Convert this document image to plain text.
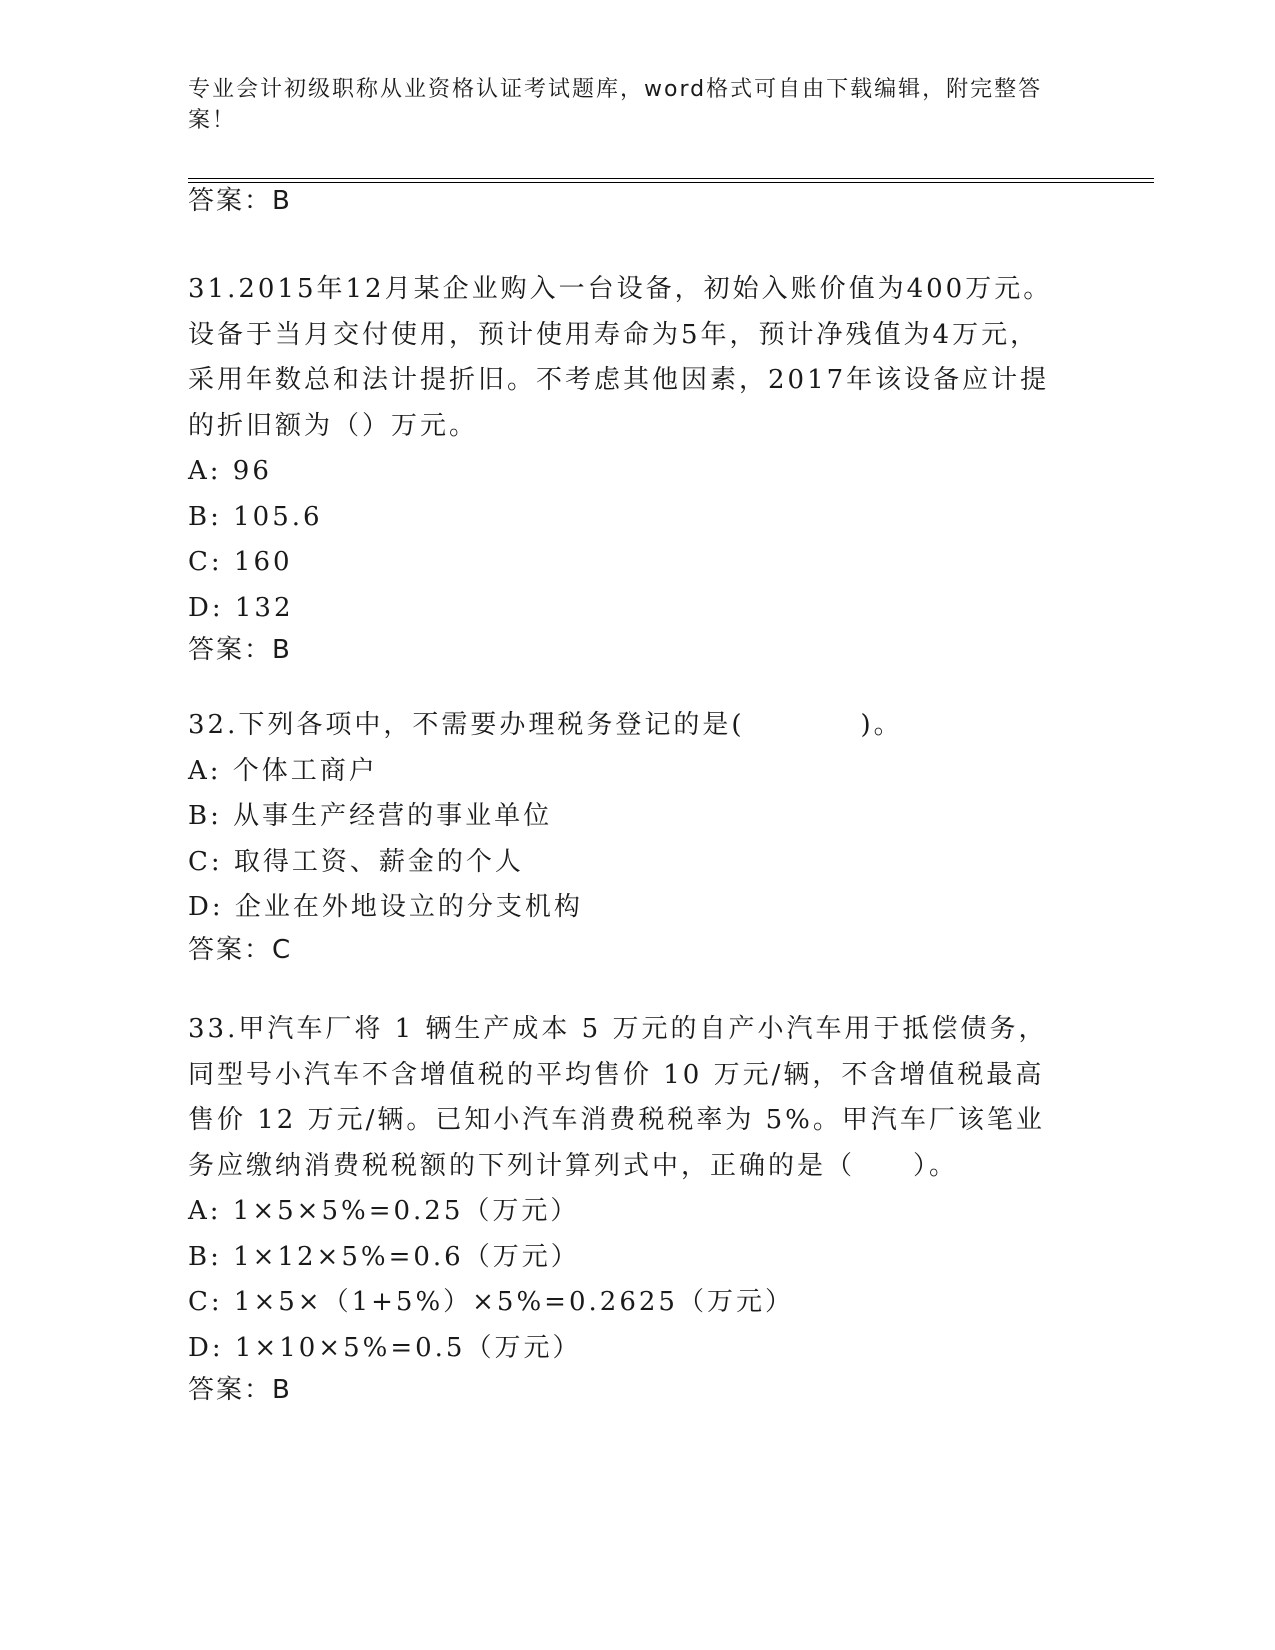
专业会计初级职称从业资格认证考试题库，word格式可自由下载编辑，附完整答案！
答案：B
31.2015年12月某企业购入一台设备，初始入账价值为400万元。设备于当月交付使用，预计使用寿命为5年，预计净残值为4万元，采用年数总和法计提折旧。不考虑其他因素，2017年该设备应计提的折旧额为（）万元。
A: 96
B: 105.6
C: 160
D: 132
答案：B
32.下列各项中，不需要办理税务登记的是(　　　　)。
A: 个体工商户
B: 从事生产经营的事业单位
C: 取得工资、薪金的个人
D: 企业在外地设立的分支机构
答案：C
33.甲汽车厂将 1 辆生产成本 5 万元的自产小汽车用于抵偿债务，同型号小汽车不含增值税的平均售价 10 万元/辆，不含增值税最高售价 12 万元/辆。已知小汽车消费税税率为 5%。甲汽车厂该笔业务应缴纳消费税税额的下列计算列式中，正确的是（　　）。
A: 1×5×5%=0.25（万元）
B: 1×12×5%=0.6（万元）
C: 1×5×（1+5%）×5%=0.2625（万元）
D: 1×10×5%=0.5（万元）
答案：B
